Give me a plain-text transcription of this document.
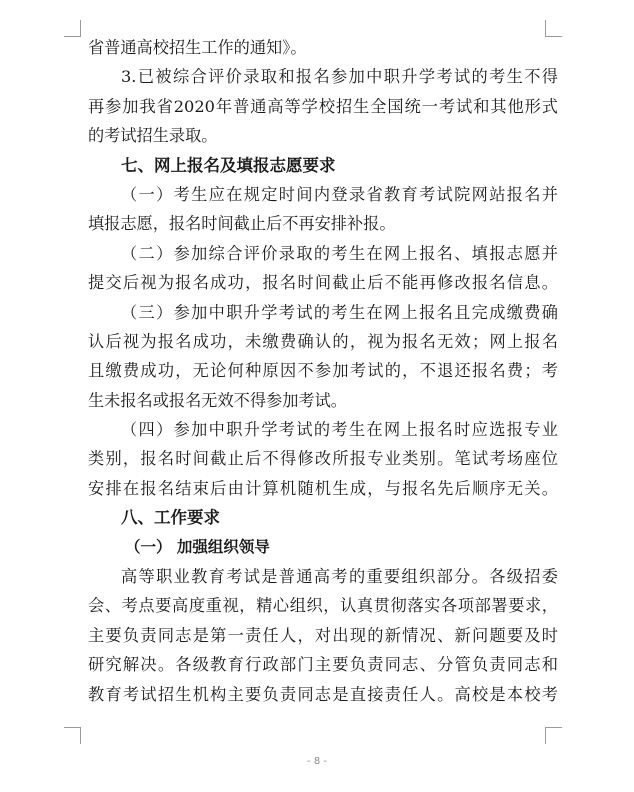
省普通高校招生工作的通知》。
3.已被综合评价录取和报名参加中职升学考试的考生不得
再参加我省2020年普通高等学校招生全国统一考试和其他形式
的考试招生录取。
七、网上报名及填报志愿要求
（一）考生应在规定时间内登录省教育考试院网站报名并
填报志愿，报名时间截止后不再安排补报。
（二）参加综合评价录取的考生在网上报名、填报志愿并
提交后视为报名成功，报名时间截止后不能再修改报名信息。
（三）参加中职升学考试的考生在网上报名且完成缴费确
认后视为报名成功，未缴费确认的，视为报名无效；网上报名
且缴费成功，无论何种原因不参加考试的，不退还报名费；考
生未报名或报名无效不得参加考试。
（四）参加中职升学考试的考生在网上报名时应选报专业
类别，报名时间截止后不得修改所报专业类别。笔试考场座位
安排在报名结束后由计算机随机生成，与报名先后顺序无关。
八、工作要求
（一） 加强组织领导
高等职业教育考试是普通高考的重要组织部分。各级招委
会、考点要高度重视，精心组织，认真贯彻落实各项部署要求，
主要负责同志是第一责任人，对出现的新情况、新问题要及时
研究解决。各级教育行政部门主要负责同志、分管负责同志和
教育考试招生机构主要负责同志是直接责任人。高校是本校考
- 8 -
